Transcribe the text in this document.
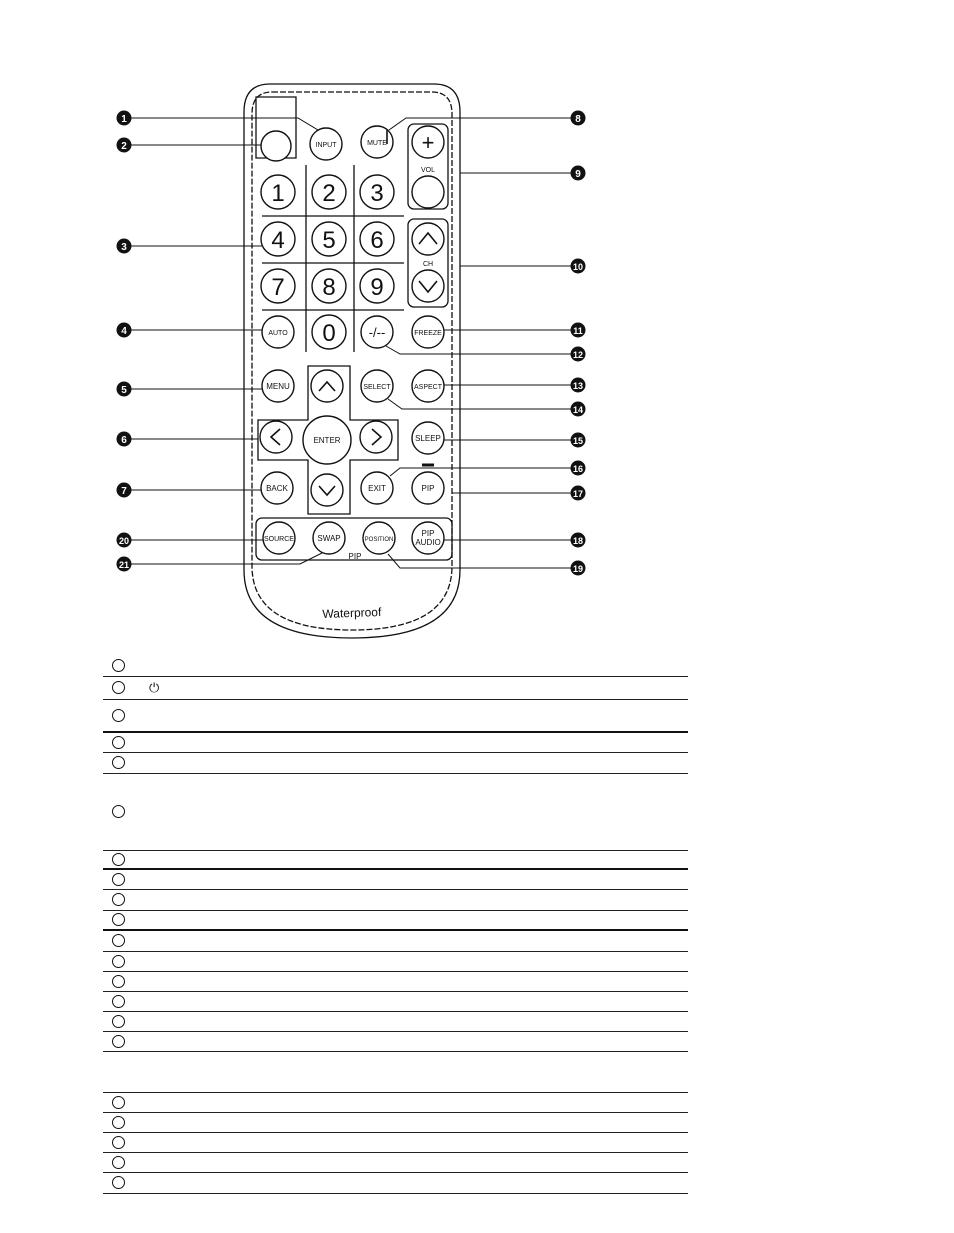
INPUT	MUTE +
VOL
CH
1 2 3
4 5 6
7 8 9
AUTO 0	-/--	FREEZE
MENU	SELECT	ASPECT
ENTER	SLEEP
BACK	EXIT	PIP
SOURCE	SWAP	POSITION
PIP
AUDIO
PIP
Waterproof
1
2
3
4
5
6
7
20
21
8
9
10
11
12
13
14
15
16
17
18
19
⏻
